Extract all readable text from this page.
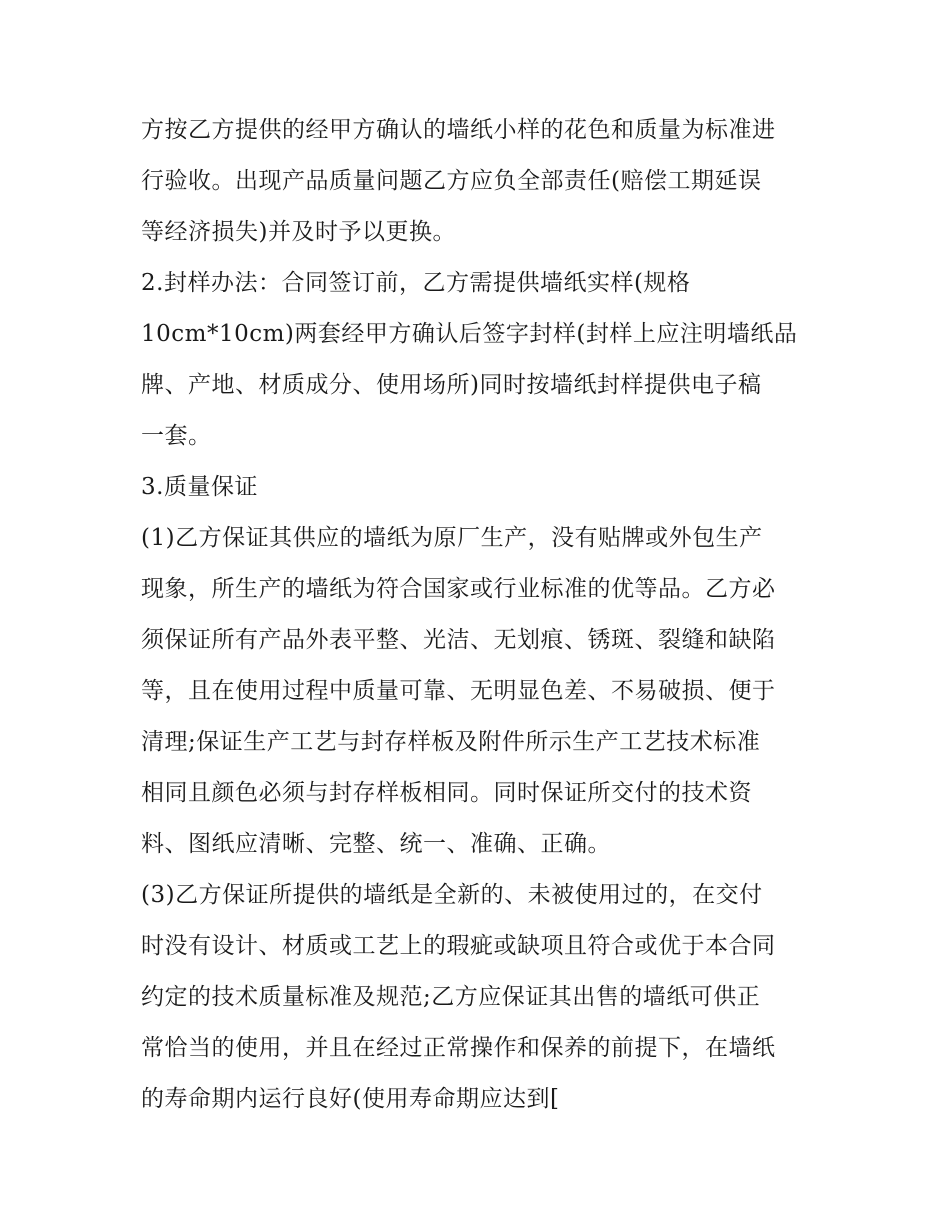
方按乙方提供的经甲方确认的墙纸小样的花色和质量为标准进
行验收。出现产品质量问题乙方应负全部责任(赔偿工期延误
等经济损失)并及时予以更换。
2.封样办法：合同签订前，乙方需提供墙纸实样(规格
10cm*10cm)两套经甲方确认后签字封样(封样上应注明墙纸品
牌、产地、材质成分、使用场所)同时按墙纸封样提供电子稿
一套。
3.质量保证
(1)乙方保证其供应的墙纸为原厂生产，没有贴牌或外包生产
现象，所生产的墙纸为符合国家或行业标准的优等品。乙方必
须保证所有产品外表平整、光洁、无划痕、锈斑、裂缝和缺陷
等，且在使用过程中质量可靠、无明显色差、不易破损、便于
清理;保证生产工艺与封存样板及附件所示生产工艺技术标准
相同且颜色必须与封存样板相同。同时保证所交付的技术资
料、图纸应清晰、完整、统一、准确、正确。
(3)乙方保证所提供的墙纸是全新的、未被使用过的，在交付
时没有设计、材质或工艺上的瑕疵或缺项且符合或优于本合同
约定的技术质量标准及规范;乙方应保证其出售的墙纸可供正
常恰当的使用，并且在经过正常操作和保养的前提下，在墙纸
的寿命期内运行良好(使用寿命期应达到[
